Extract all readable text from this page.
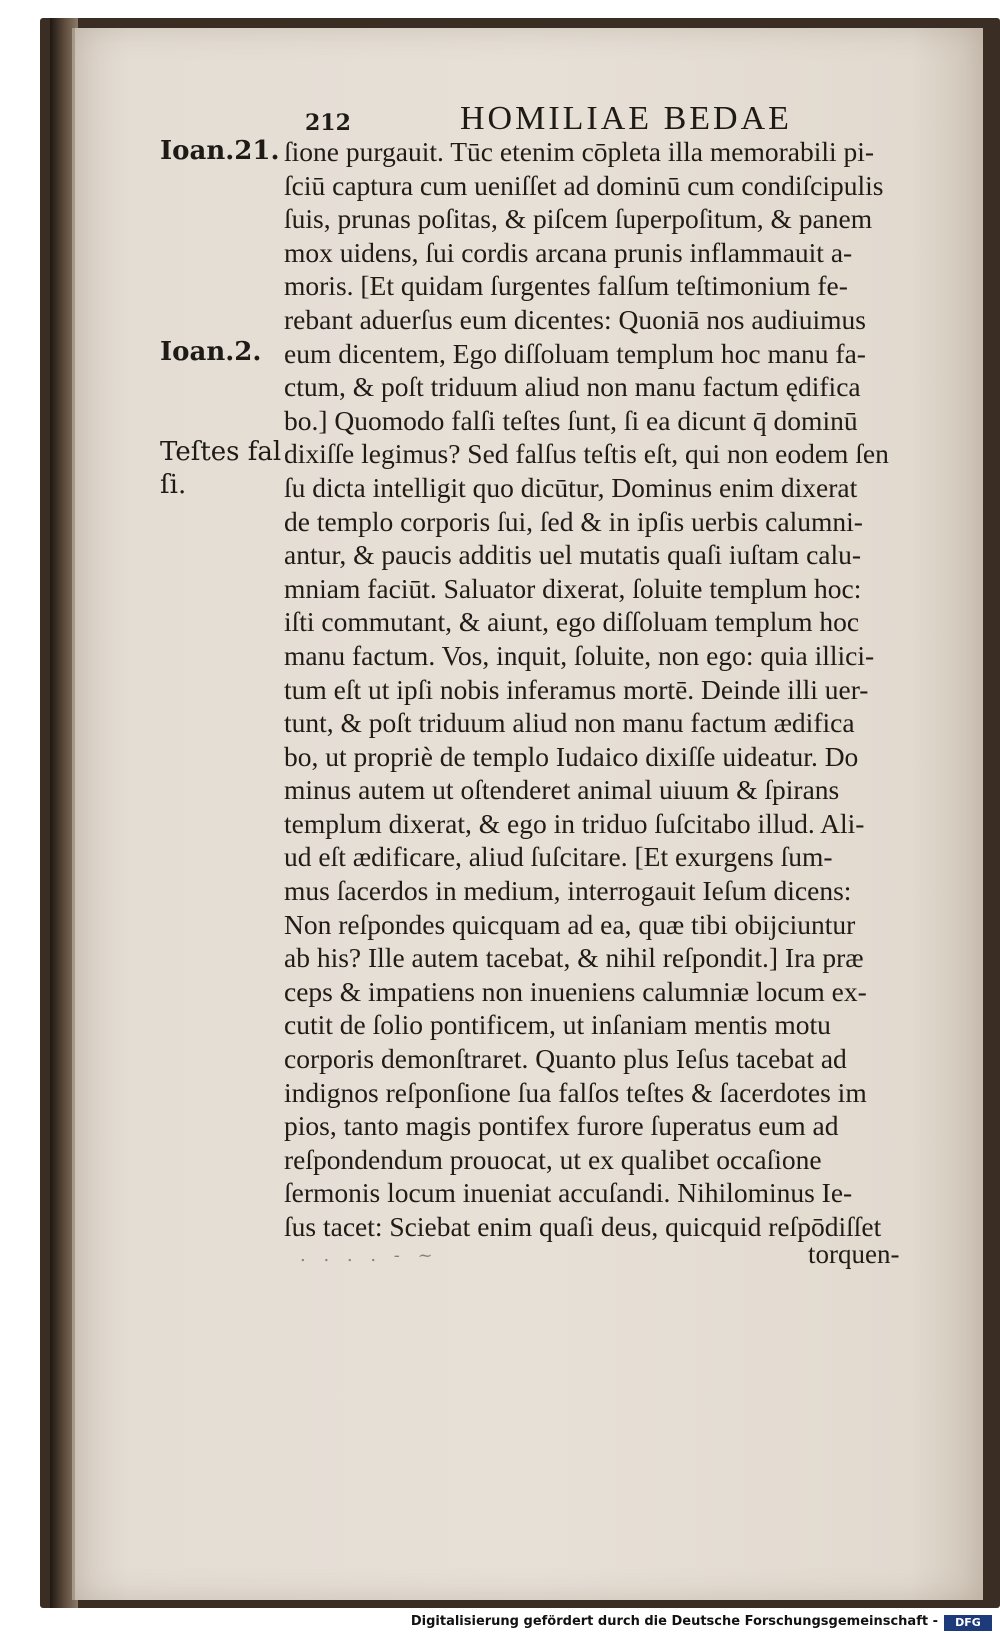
212	HOMILIAE BEDAE
Ioan.21.
Ioan.2.
Teſtes fal
ſi.
ſione purgauit. Tūc etenim cōpleta illa memorabili pi-
ſciū captura cum ueniſſet ad dominū cum condiſcipulis
ſuis, prunas poſitas, & piſcem ſuperpoſitum, & panem
mox uidens, ſui cordis arcana prunis inflammauit a-
moris. [Et quidam ſurgentes falſum teſtimonium fe-
rebant aduerſus eum dicentes: Quoniā nos audiuimus
eum dicentem, Ego diſſoluam templum hoc manu fa-
ctum, & poſt triduum aliud non manu factum ędifica
bo.] Quomodo falſi teſtes ſunt, ſi ea dicunt q̄ dominū
dixiſſe legimus? Sed falſus teſtis eſt, qui non eodem ſen
ſu dicta intelligit quo dicūtur, Dominus enim dixerat
de templo corporis ſui, ſed & in ipſis uerbis calumni-
antur, & paucis additis uel mutatis quaſi iuſtam calu-
mniam faciūt. Saluator dixerat, ſoluite templum hoc:
iſti commutant, & aiunt, ego diſſoluam templum hoc
manu factum. Vos, inquit, ſoluite, non ego: quia illici-
tum eſt ut ipſi nobis inferamus mortē. Deinde illi uer-
tunt, & poſt triduum aliud non manu factum ædifica
bo, ut propriè de templo Iudaico dixiſſe uideatur. Do
minus autem ut oſtenderet animal uiuum & ſpirans
templum dixerat, & ego in triduo ſuſcitabo illud. Ali-
ud eſt ædificare, aliud ſuſcitare. [Et exurgens ſum-
mus ſacerdos in medium, interrogauit Ieſum dicens:
Non reſpondes quicquam ad ea, quæ tibi obijciuntur
ab his? Ille autem tacebat, & nihil reſpondit.] Ira præ
ceps & impatiens non inueniens calumniæ locum ex-
cutit de ſolio pontificem, ut inſaniam mentis motu
corporis demonſtraret. Quanto plus Ieſus tacebat ad
indignos reſponſione ſua falſos teſtes & ſacerdotes im
pios, tanto magis pontifex furore ſuperatus eum ad
reſpondendum prouocat, ut ex qualibet occaſione
ſermonis locum inueniat accuſandi. Nihilominus Ie-
ſus tacet: Sciebat enim quaſi deus, quicquid reſpōdiſſet
. . . . - ~	torquen-
Digitalisierung gefördert durch die Deutsche Forschungsgemeinschaft -	DFG
